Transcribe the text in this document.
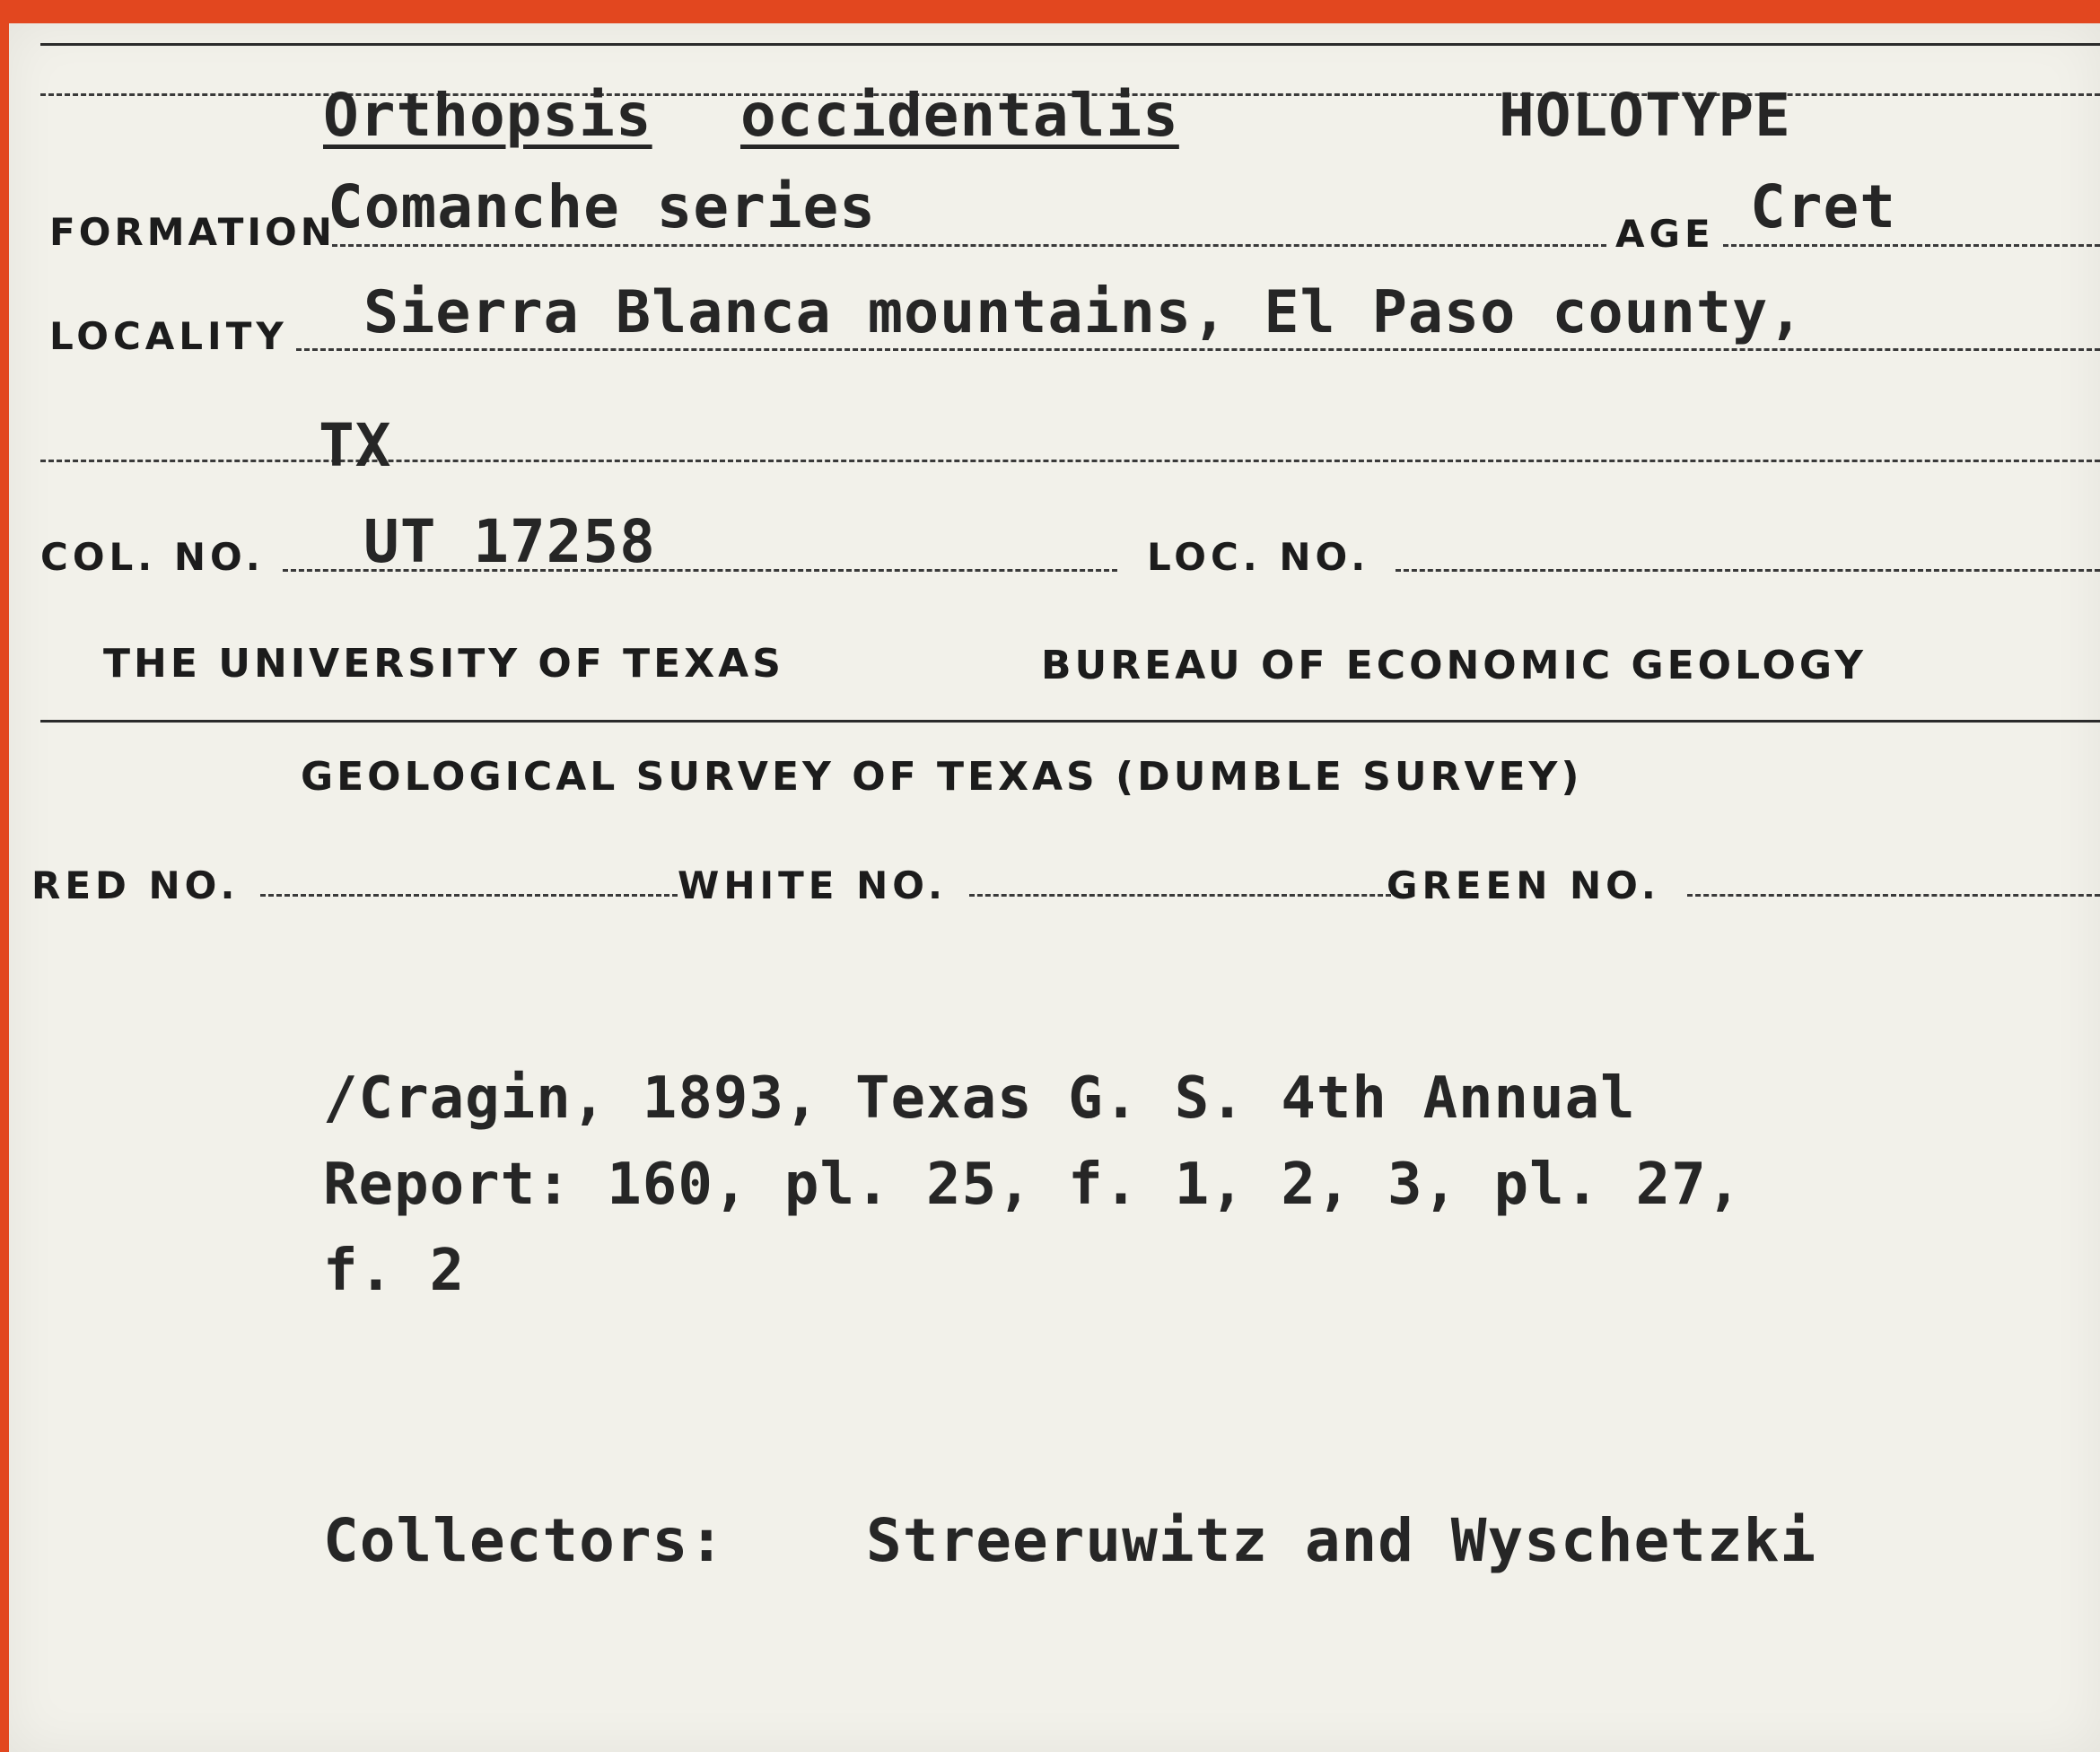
Orthopsis occidentalis	HOLOTYPE
FORMATION
Comanche series	AGE Cret
LOCALITY Sierra Blanca mountains, El Paso county,
TX
COL. NO. UT 17258	LOC. NO.
THE UNIVERSITY OF TEXAS	BUREAU OF ECONOMIC GEOLOGY
GEOLOGICAL SURVEY OF TEXAS (DUMBLE SURVEY)
RED NO.	WHITE NO.	GREEN NO.
/Cragin, 1893, Texas G. S. 4th Annual
Report: 160, pl. 25, f. 1, 2, 3, pl. 27,
f. 2
Collectors: Streeruwitz and Wyschetzki
